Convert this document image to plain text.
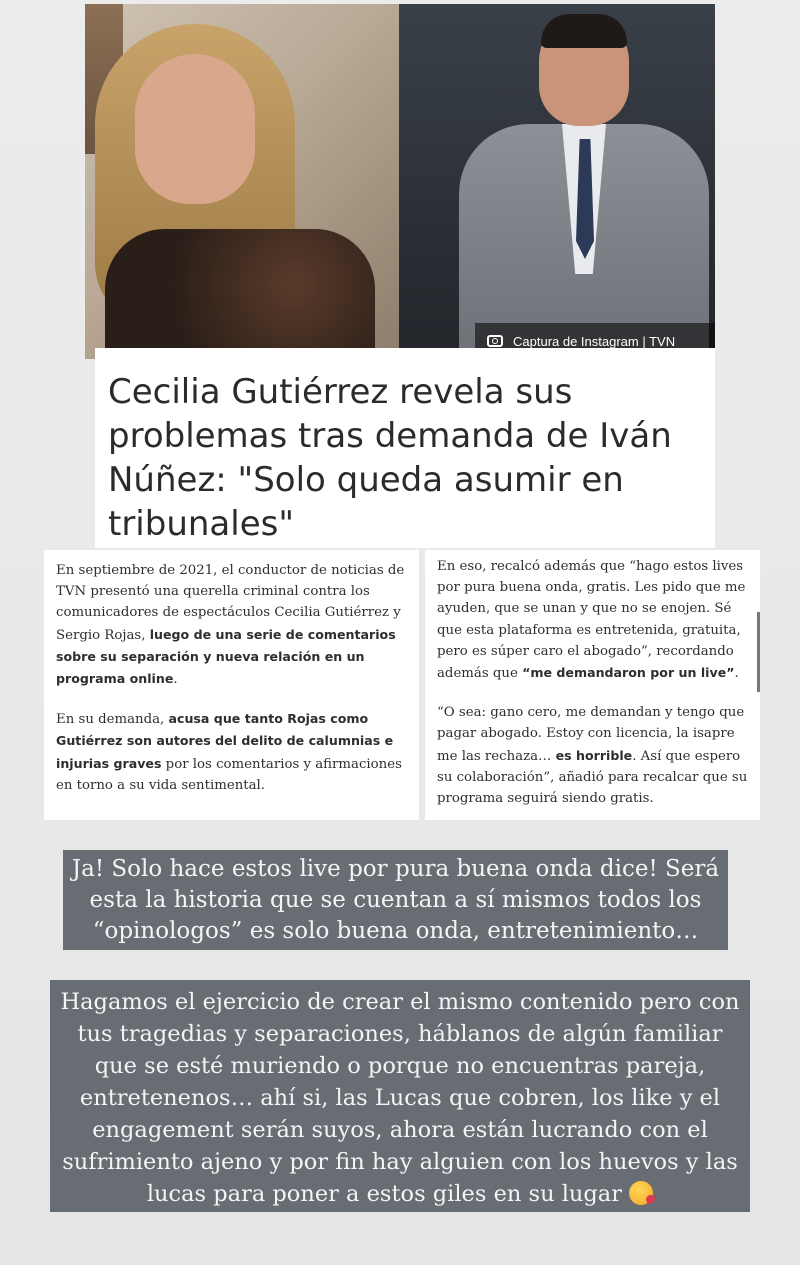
Captura de Instagram | TVN
Cecilia Gutiérrez revela sus problemas tras demanda de Iván Núñez: "Solo queda asumir en tribunales"

En septiembre de 2021, el conductor de noticias de TVN presentó una querella criminal contra los comunicadores de espectáculos Cecilia Gutiérrez y Sergio Rojas, luego de una serie de comentarios sobre su separación y nueva relación en un programa online.

En su demanda, acusa que tanto Rojas como Gutiérrez son autores del delito de calumnias e injurias graves por los comentarios y afirmaciones en torno a su vida sentimental.

En eso, recalcó además que “hago estos lives por pura buena onda, gratis. Les pido que me ayuden, que se unan y que no se enojen. Sé que esta plataforma es entretenida, gratuita, pero es súper caro el abogado”, recordando además que “me demandaron por un live”.

“O sea: gano cero, me demandan y tengo que pagar abogado. Estoy con licencia, la isapre me las rechaza… es horrible. Así que espero su colaboración”, añadió para recalcar que su programa seguirá siendo gratis.

Ja! Solo hace estos live por pura buena onda dice! Será esta la historia que se cuentan a sí mismos todos los “opinologos” es solo buena onda, entretenimiento…
Hagamos el ejercicio de crear el mismo contenido pero con tus tragedias y separaciones, háblanos de algún familiar que se esté muriendo o porque no encuentras pareja, entretenenos… ahí si, las Lucas que cobren, los like y el engagement serán suyos, ahora están lucrando con el sufrimiento ajeno y por fin hay alguien con los huevos y las lucas para poner a estos giles en su lugar
